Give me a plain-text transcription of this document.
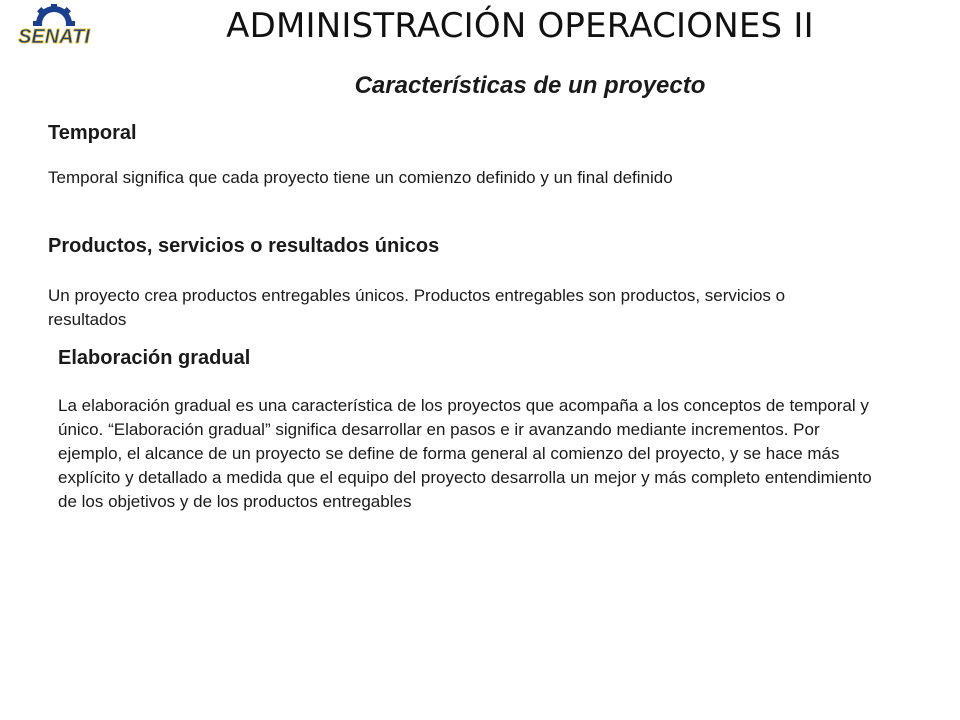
SENATI	ADMINISTRACIÓN OPERACIONES II
Características de un proyecto
Temporal
Temporal significa que cada proyecto tiene un comienzo definido y un final definido
Productos, servicios o resultados únicos
Un proyecto crea productos entregables únicos. Productos entregables son productos, servicios o resultados
Elaboración gradual
La elaboración gradual es una característica de los proyectos que acompaña a los conceptos de temporal y único. “Elaboración gradual” significa desarrollar en pasos e ir avanzando mediante incrementos. Por ejemplo, el alcance de un proyecto se define de forma general al comienzo del proyecto, y se hace más explícito y detallado a medida que el equipo del proyecto desarrolla un mejor y más completo entendimiento de los objetivos y de los productos entregables
